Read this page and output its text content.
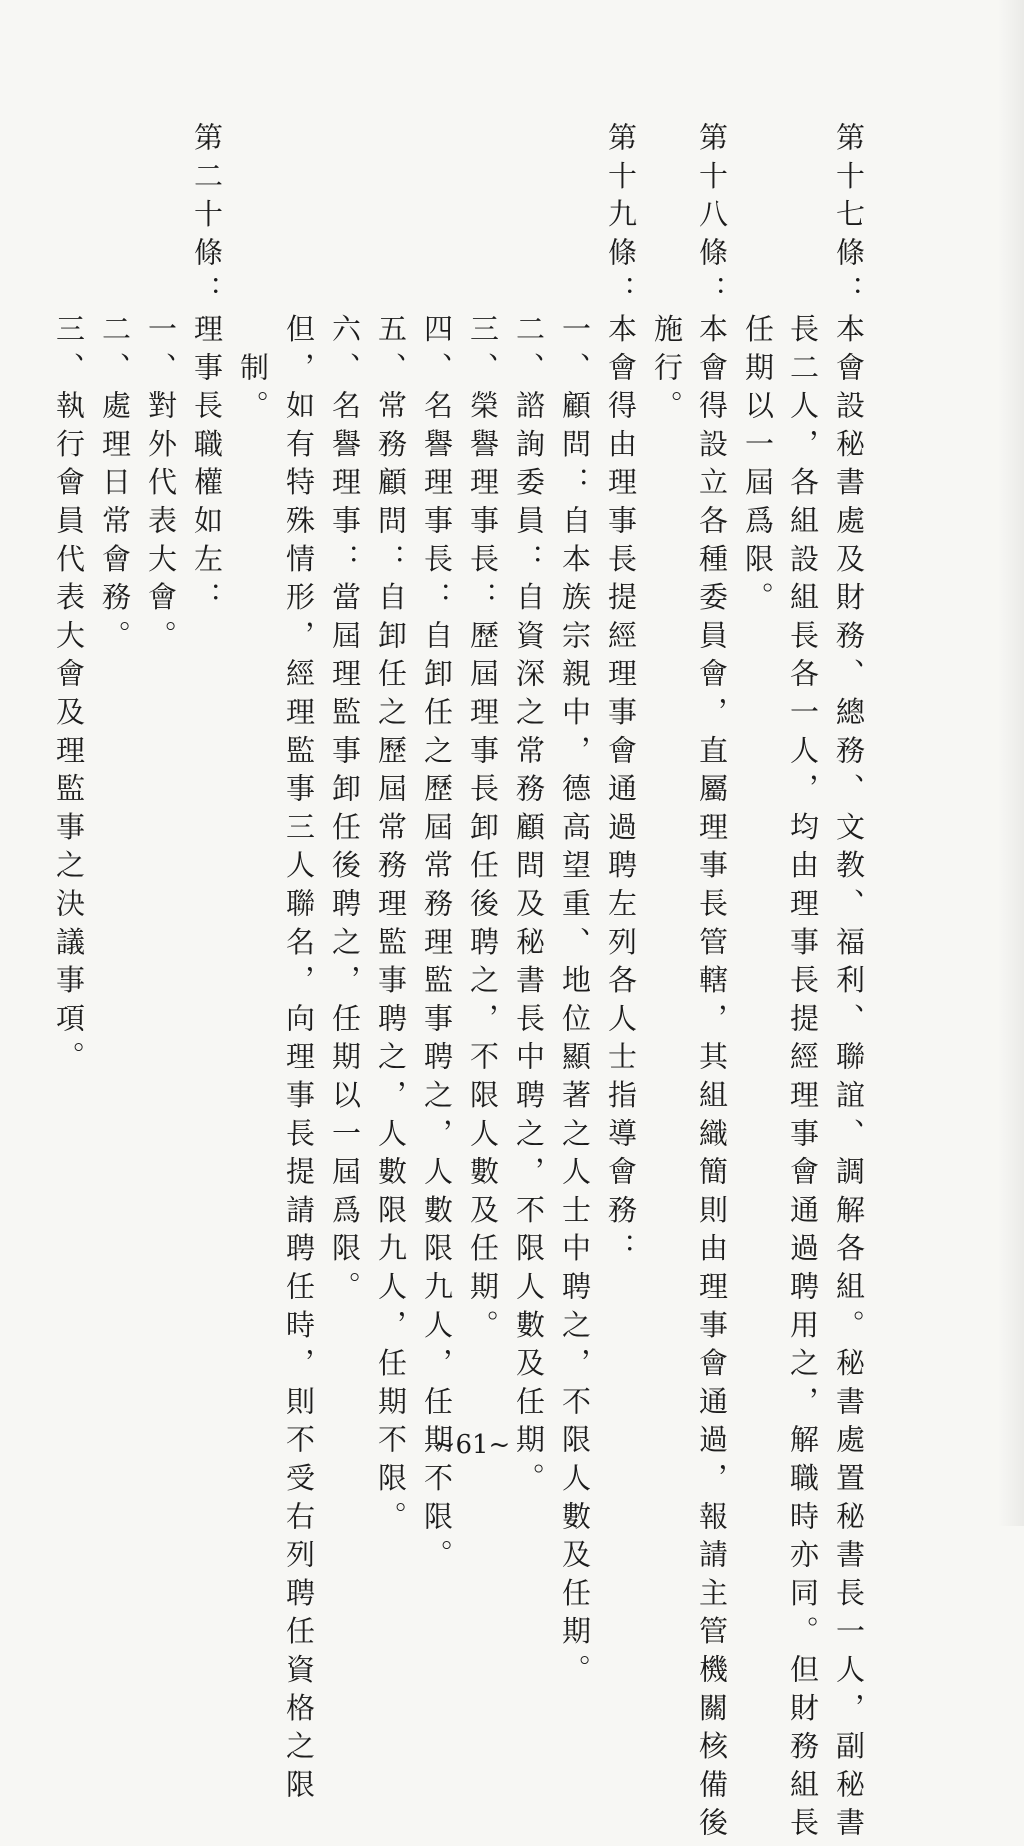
第十七條：本會設秘書處及財務、總務、文教、福利、聯誼、調解各組。秘書處置秘書長一人，副秘書
　　　　　長二人，各組設組長各一人，均由理事長提經理事會通過聘用之，解職時亦同。但財務組長
　　　　　任期以一屆爲限。
第十八條：本會得設立各種委員會，直屬理事長管轄，其組織簡則由理事會通過，報請主管機關核備後
　　　　　施行。
第十九條：本會得由理事長提經理事會通過聘左列各人士指導會務：
　　　　　一、顧問：自本族宗親中，德高望重、地位顯著之人士中聘之，不限人數及任期。
　　　　　二、諮詢委員：自資深之常務顧問及秘書長中聘之，不限人數及任期。
　　　　　三、榮譽理事長：歷屆理事長卸任後聘之，不限人數及任期。
　　　　　四、名譽理事長：自卸任之歷屆常務理監事聘之，人數限九人，任期不限。
　　　　　五、常務顧問：自卸任之歷屆常務理監事聘之，人數限九人，任期不限。
　　　　　六、名譽理事：當屆理監事卸任後聘之，任期以一屆爲限。
　　　　　但，如有特殊情形，經理監事三人聯名，向理事長提請聘任時，則不受右列聘任資格之限
　　　　　　制。
第二十條：理事長職權如左：
　　　　　一、對外代表大會。
　　　　　二、處理日常會務。
　　　　　三、執行會員代表大會及理監事之決議事項。
~61~
